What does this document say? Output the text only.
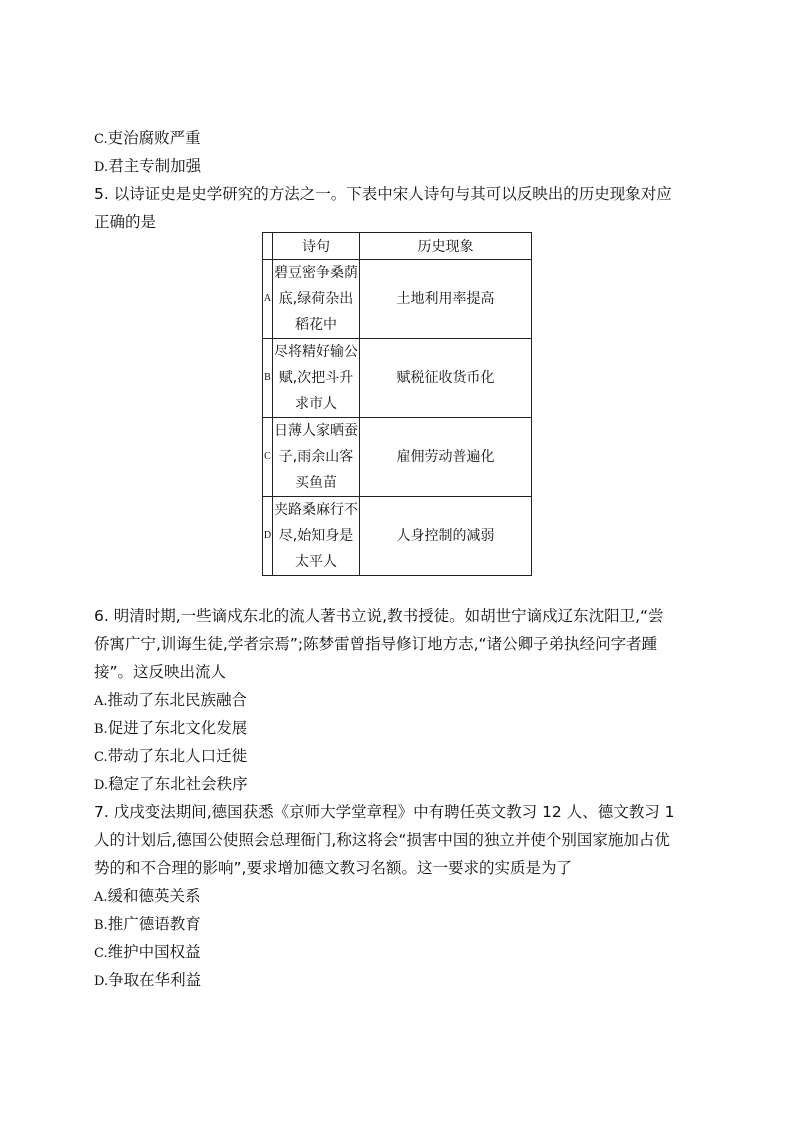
C.吏治腐败严重
D.君主专制加强
5. 以诗证史是史学研究的方法之一。下表中宋人诗句与其可以反映出的历史现象对应
正确的是
	诗句	历史现象
A	碧豆密争桑荫
底,绿荷杂出
稻花中	土地利用率提高
B	尽将精好输公
赋,次把斗升
求市人	赋税征收货币化
C	日薄人家晒蚕
子,雨余山客
买鱼苗	雇佣劳动普遍化
D	夹路桑麻行不
尽,始知身是
太平人	人身控制的减弱
6. 明清时期,一些谪戍东北的流人著书立说,教书授徒。如胡世宁谪戍辽东沈阳卫,“尝
侨寓广宁,训诲生徒,学者宗焉”;陈梦雷曾指导修订地方志,“诸公卿子弟执经问字者踵
接”。这反映出流人
A.推动了东北民族融合
B.促进了东北文化发展
C.带动了东北人口迁徙
D.稳定了东北社会秩序
7. 戊戌变法期间,德国获悉《京师大学堂章程》中有聘任英文教习 12 人、德文教习 1
人的计划后,德国公使照会总理衙门,称这将会“损害中国的独立并使个别国家施加占优
势的和不合理的影响”,要求增加德文教习名额。这一要求的实质是为了
A.缓和德英关系
B.推广德语教育
C.维护中国权益
D.争取在华利益
